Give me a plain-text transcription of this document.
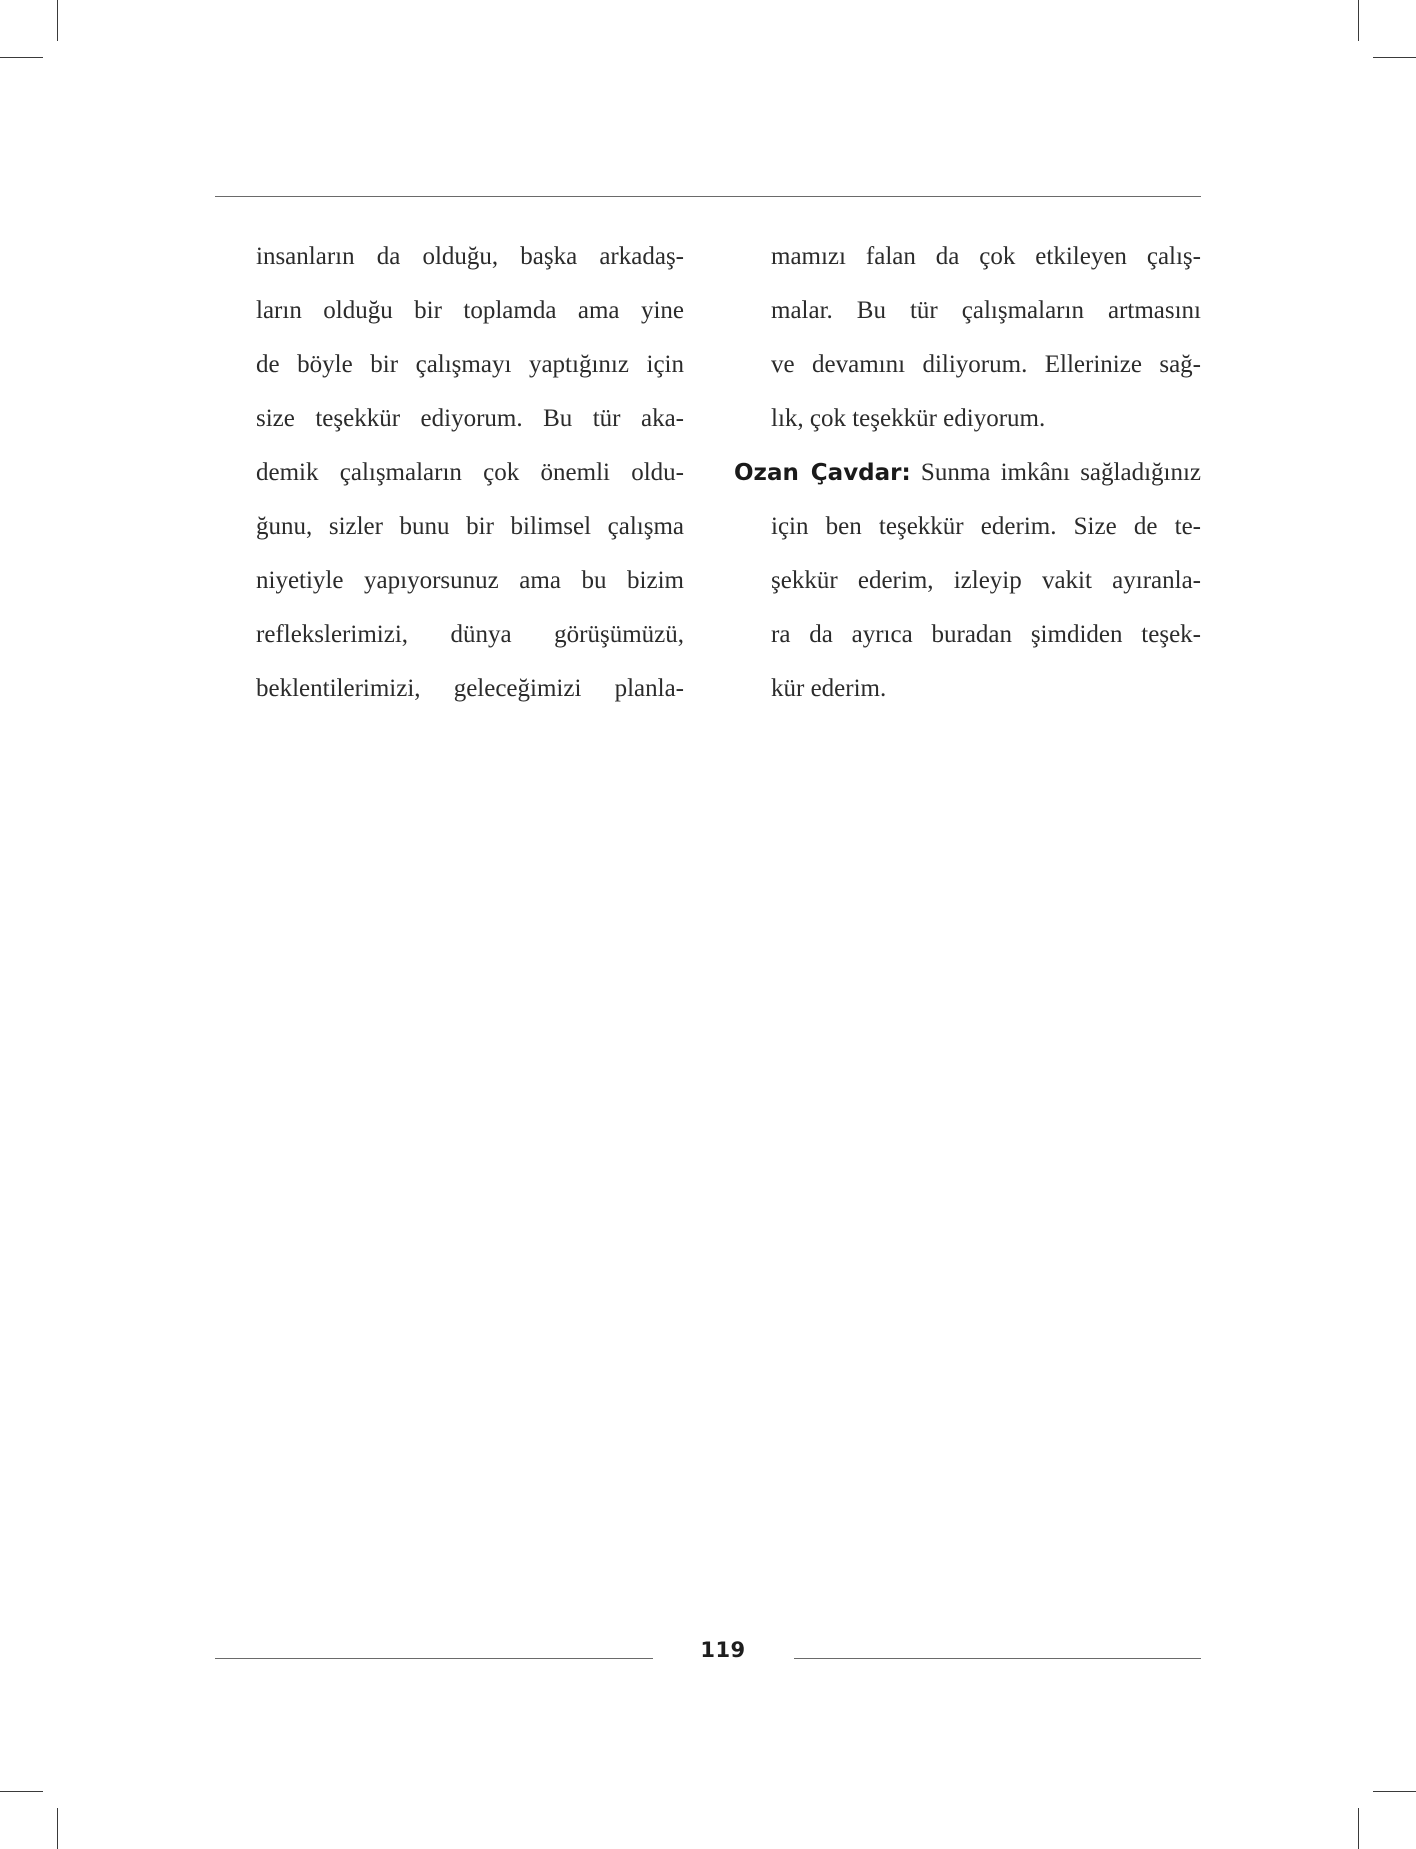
insanların da olduğu, başka arkadaş-
ların olduğu bir toplamda ama yine
de böyle bir çalışmayı yaptığınız için
size teşekkür ediyorum. Bu tür aka-
demik çalışmaların çok önemli oldu-
ğunu, sizler bunu bir bilimsel çalışma
niyetiyle yapıyorsunuz ama bu bizim
reflekslerimizi, dünya görüşümüzü,
beklentilerimizi, geleceğimizi planla-
mamızı falan da çok etkileyen çalış-
malar. Bu tür çalışmaların artmasını
ve devamını diliyorum. Ellerinize sağ-
lık, çok teşekkür ediyorum.
Ozan Çavdar: Sunma imkânı sağladığınız
için ben teşekkür ederim. Size de te-
şekkür ederim, izleyip vakit ayıranla-
ra da ayrıca buradan şimdiden teşek-
kür ederim.
119
